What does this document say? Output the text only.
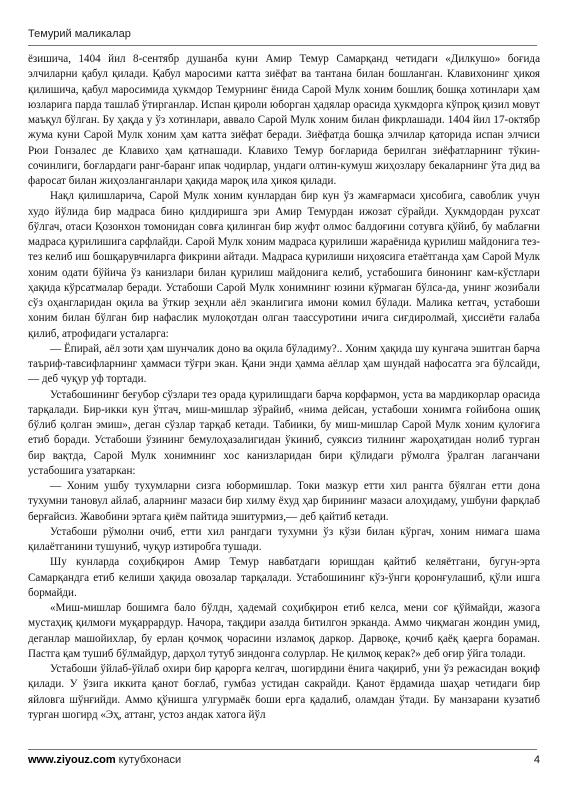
Темурий маликалар

ёзишича, 1404 йил 8-сентябр душанба куни Амир Темур Самарқанд четидаги «Дилкушо» боғида элчиларни қабул қилади. Қабул маросими катта зиёфат ва тантана билан бошланган. Клавихонинг ҳикоя қилишича, қабул маросимида ҳукмдор Темурнинг ёнида Сарой Мулк хоним бошлиқ бошқа хотинлари ҳам юзларига парда ташлаб ўтирганлар. Испан қироли юборган ҳадялар орасида ҳукмдорга кўпроқ қизил мовут маъқул бўлган. Бу ҳақда у ўз хотинлари, аввало Сарой Мулк хоним билан фикрлашади. 1404 йил 17-октябр жума куни Сарой Мулк хоним ҳам катта зиёфат беради. Зиёфатда бошқа элчилар қаторида испан элчиси Рюи Гонзалес де Клавихо ҳам қатнашади. Клавихо Темур боғларида берилган зиёфатларнинг тўкин-сочинлиги, боғлардаги ранг-баранг ипак чодирлар, ундаги олтин-кумуш жиҳозлару бекаларнинг ўта дид ва фаросат билан жиҳозланганлари ҳақида марoқ ила ҳикоя қилади.

Нақл қилишларича, Сарой Мулк хоним кунлардан бир кун ўз жамғармаси ҳисобига, савоблик учун худо йўлида бир мадраса бино қилдиришга эри Амир Темурдан ижозат сўрайди. Ҳукмдордан рухсат бўлгач, отаси Қозонхон томонидан совға қилинган бир жуфт олмос балдоғини сотувга қўйиб, бу маблағни мадраса қурилишига сарфлайди. Сарой Мулк хоним мадраса қурилиши жараёнида қурилиш майдонига тез-тез келиб иш бошқарувчиларга фикрини айтади. Мадраса қурилиши ниҳоясига етаётганда ҳам Сарой Мулк хоним одати бўйича ўз канизлари билан қурилиш майдонига келиб, устабошига бинонинг кам-кўстлари ҳақида кўрсатмалар беради. Устабоши Сарой Мулк хонимнинг юзини кўрмаган бўлса-да, унинг жозибали сўз оҳангларидан оқила ва ўткир зеҳнли аёл эканлигига имони комил бўлади. Малика кетгач, устабоши хоним билан бўлган бир нафаслик мулоқотдан олган таассуротини ичига сиғдиролмай, ҳиссиёти ғалаба қилиб, атрофидаги усталарга:

— Ёпирай, аёл зоти ҳам шунчалик доно ва оқила бўладиму?.. Хоним ҳақида шу кунгача эшитган барча таъриф-тавсифларнинг ҳаммаси тўғри экан. Қани энди ҳамма аёллар ҳам шундай нафосатга эга бўлсайди, — деб чуқур уф тортади.

Устабошининг беғубор сўзлари тез орада қурилишдаги барча корфармон, уста ва мардикорлар орасида тарқалади. Бир-икки кун ўтгач, миш-мишлар зўрайиб, «нима дейсан, устабоши хонимга ғойибона ошиқ бўлиб қолган эмиш», деган сўзлар тарқаб кетади. Табиики, бу миш-мишлар Сарой Мулк хоним қулоғига етиб боради. Устабоши ўзининг бемулоҳазалигидан ўкиниб, суяксиз тилнинг жароҳатидан нолиб турган бир вақтда, Сарой Мулк хонимнинг хос канизларидан бири қўлидаги рўмолга ўралган лаганчани устабошига узатаркан:

— Хоним ушбу тухумларни сизга юбормишлар. Токи мазкур етти хил рангга бўялган етти дона тухумни тановул айлаб, аларнинг мазаси бир хилму ёхуд ҳар бирининг мазаси алоҳидаму, ушбуни фарқлаб берғайсиз. Жавобини эртага қиём пайтида эшитурмиз,— деб қайтиб кетади.

Устабоши рўмолни очиб, етти хил рангдаги тухумни ўз кўзи билан кўргач, хоним нимага шама қилаётганини тушуниб, чуқур изтиробга тушади.

Шу кунларда соҳибқирон Амир Темур навбатдаги юришдан қайтиб келяётгани, бугун-эрта Самарқандга етиб келиши ҳақида овозалар тарқалади. Устабошининг кўз-ўнги қоронғулашиб, қўли ишга бормайди.

«Миш-мишлар бошимга бало бўлдн, ҳадемай соҳибқирон етиб келса, мени сoғ қўймайди, жазога мустаҳиқ қилмоғи муқаррардур. Начора, тақдири азалда битилгон эрканда. Аммо чиқмаган жондин умид, деганлар машойихлар, бу ерлан қочмоқ чорасини изламоқ даркор. Дарвоқе, қочиб қаёқ қаерга бораман. Пастга қам тушиб бўлмайдур, дарҳол тутуб зиндонга солурлар. Не қилмоқ керак?» деб оғир ўйга толади.

Устабоши ўйлаб-ўйлаб охири бир қарорга келгач, шогирдини ёнига чақириб, уни ўз режасидан воқиф қилади. У ўзига иккита қанот боғлаб, гумбаз устидан сакрайди. Қанот ёрдамида шаҳар четидаги бир яйловга шўнғийди. Аммо қўнишга улгурмаёк боши ерга қадалиб, оламдан ўтади. Бу манзарани кузатиб турган шогирд «Эҳ, аттанг, устоз андак хатога йўл

www.ziyouz.com кутубхонаси	4
